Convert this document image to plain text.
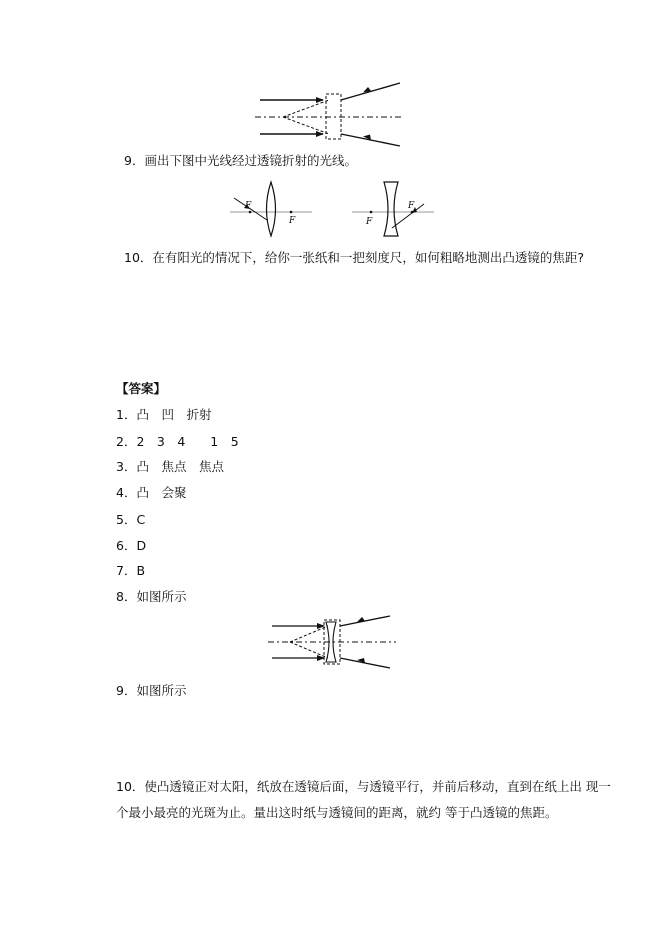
9．画出下图中光线经过透镜折射的光线。
F
F	F
F
10．在有阳光的情况下，给你一张纸和一把刻度尺，如何粗略地测出凸透镜的焦距?
【答案】
1．凸　凹　折射
2．2　3　4　　1　5
3．凸　焦点　焦点
4．凸　会聚
5．C
6．D
7．B
8．如图所示
9．如图所示
10．使凸透镜正对太阳，纸放在透镜后面，与透镜平行，并前后移动，直到在纸上出 现一
个最小最亮的光斑为止。量出这时纸与透镜间的距离，就约 等于凸透镜的焦距。
